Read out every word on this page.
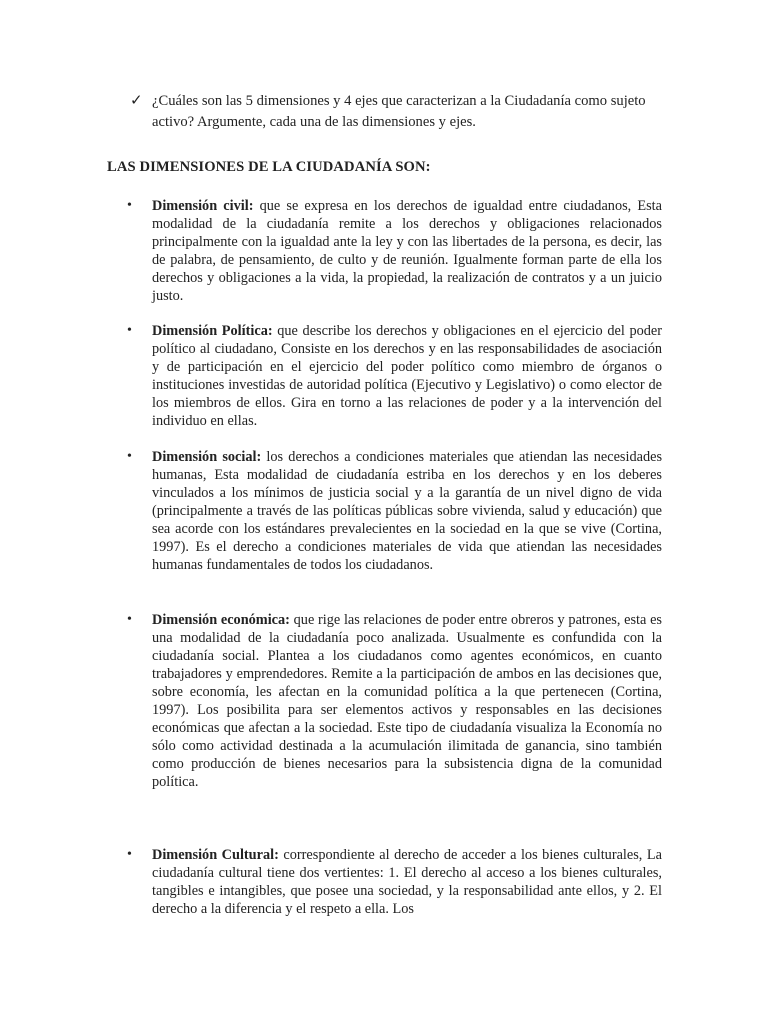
✓ ¿Cuáles son las 5 dimensiones y 4 ejes que caracterizan a la Ciudadanía como sujeto
activo? Argumente, cada una de las dimensiones y ejes.
LAS DIMENSIONES DE LA CIUDADANÍA SON:
•	Dimensión civil: que se expresa en los derechos de igualdad entre ciudadanos, Esta modalidad de la ciudadanía remite a los derechos y obligaciones relacionados principalmente con la igualdad ante la ley y con las libertades de la persona, es decir, las de palabra, de pensamiento, de culto y de reunión. Igualmente forman parte de ella los derechos y obligaciones a la vida, la propiedad, la realización de contratos y a un juicio justo.
•	Dimensión Política: que describe los derechos y obligaciones en el ejercicio del poder político al ciudadano, Consiste en los derechos y en las responsabilidades de asociación y de participación en el ejercicio del poder político como miembro de órganos o instituciones investidas de autoridad política (Ejecutivo y Legislativo) o como elector de los miembros de ellos. Gira en torno a las relaciones de poder y a la intervención del individuo en ellas.
•	Dimensión social: los derechos a condiciones materiales que atiendan las necesidades humanas, Esta modalidad de ciudadanía estriba en los derechos y en los deberes vinculados a los mínimos de justicia social y a la garantía de un nivel digno de vida (principalmente a través de las políticas públicas sobre vivienda, salud y educación) que sea acorde con los estándares prevalecientes en la sociedad en la que se vive (Cortina, 1997). Es el derecho a condiciones materiales de vida que atiendan las necesidades humanas fundamentales de todos los ciudadanos.
•	Dimensión económica: que rige las relaciones de poder entre obreros y patrones, esta es una modalidad de la ciudadanía poco analizada. Usualmente es confundida con la ciudadanía social. Plantea a los ciudadanos como agentes económicos, en cuanto trabajadores y emprendedores. Remite a la participación de ambos en las decisiones que, sobre economía, les afectan en la comunidad política a la que pertenecen (Cortina, 1997). Los posibilita para ser elementos activos y responsables en las decisiones económicas que afectan a la sociedad. Este tipo de ciudadanía visualiza la Economía no sólo como actividad destinada a la acumulación ilimitada de ganancia, sino también como producción de bienes necesarios para la subsistencia digna de la comunidad política.
•	Dimensión Cultural: correspondiente al derecho de acceder a los bienes culturales, La ciudadanía cultural tiene dos vertientes: 1. El derecho al acceso a los bienes culturales, tangibles e intangibles, que posee una sociedad, y la responsabilidad ante ellos, y 2. El derecho a la diferencia y el respeto a ella. Los
